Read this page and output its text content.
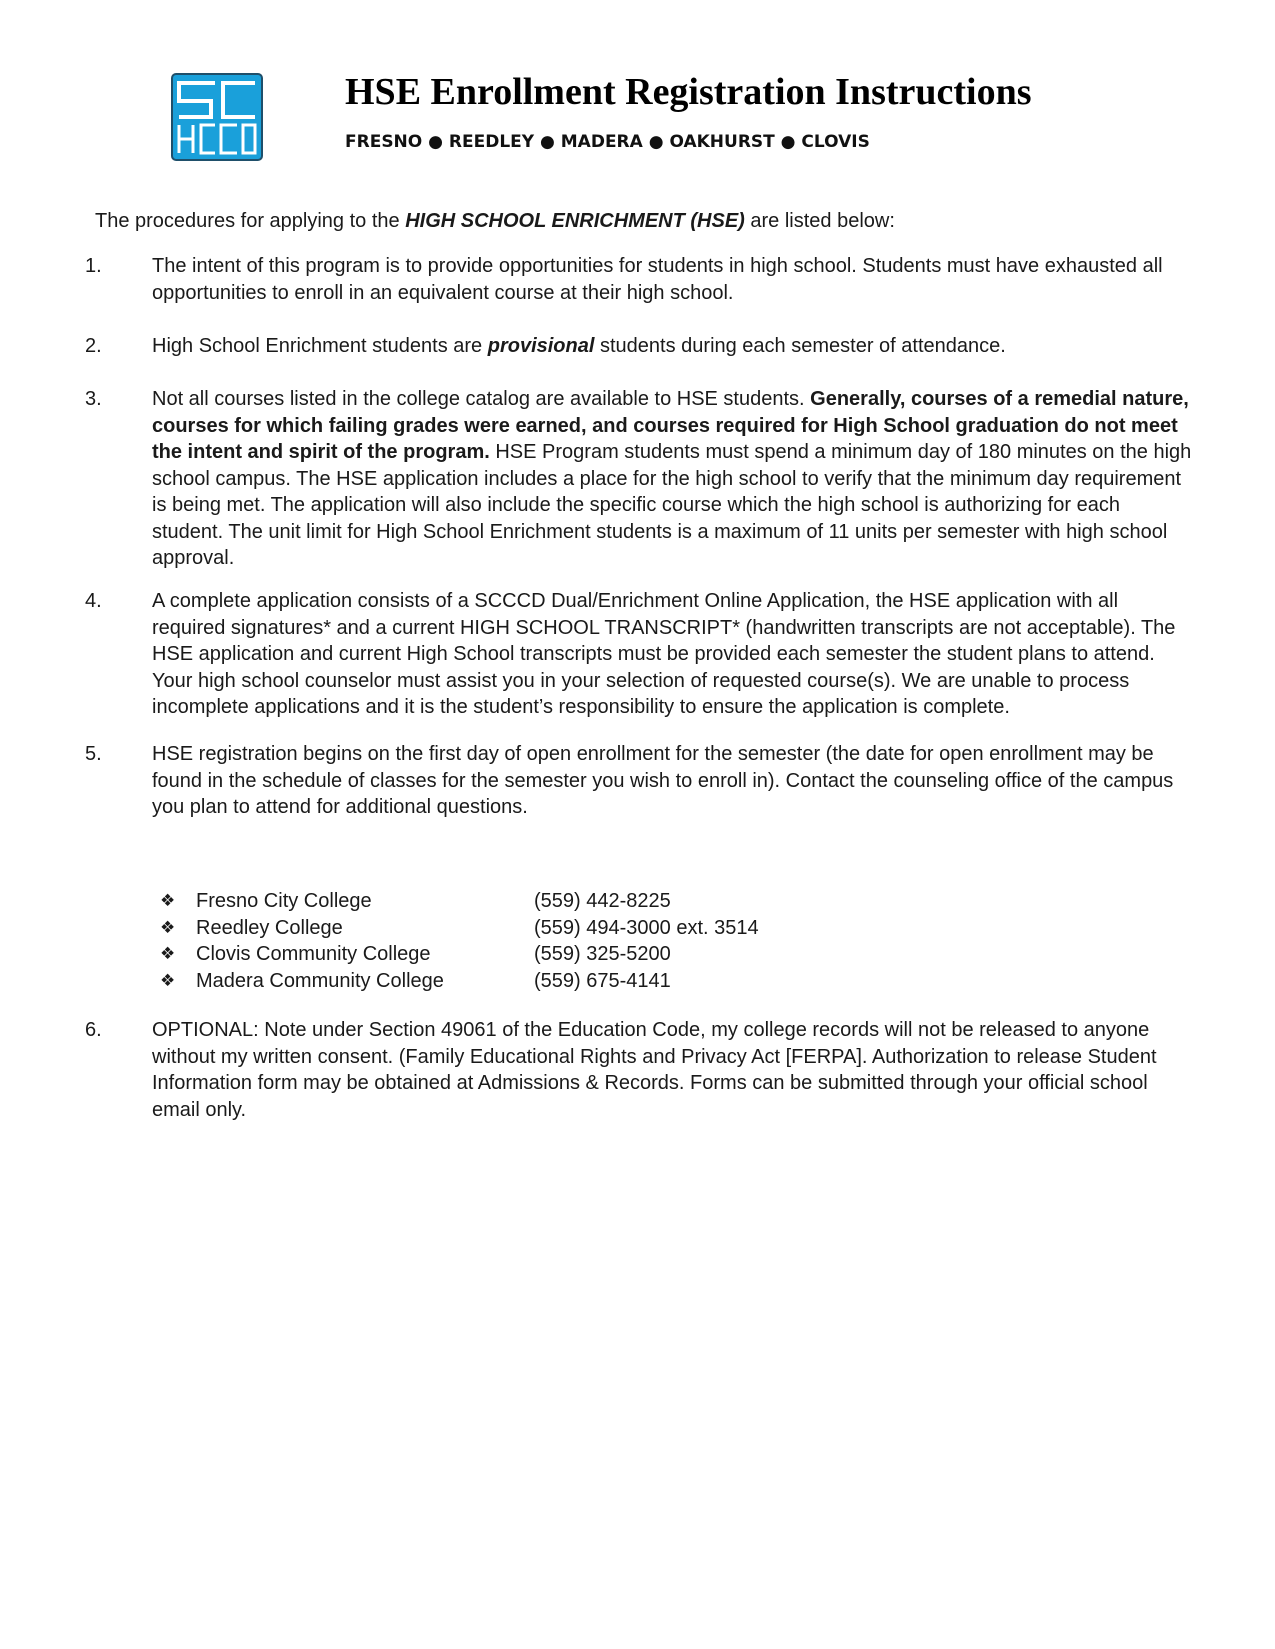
HSE Enrollment Registration Instructions
FRESNO ● REEDLEY ● MADERA ● OAKHURST ● CLOVIS
The procedures for applying to the HIGH SCHOOL ENRICHMENT (HSE) are listed below:
1.	The intent of this program is to provide opportunities for students in high school. Students must have exhausted all opportunities to enroll in an equivalent course at their high school.
2.	High School Enrichment students are provisional students during each semester of attendance.
3.	Not all courses listed in the college catalog are available to HSE students. Generally, courses of a remedial nature, courses for which failing grades were earned, and courses required for High School graduation do not meet the intent and spirit of the program. HSE Program students must spend a minimum day of 180 minutes on the high school campus. The HSE application includes a place for the high school to verify that the minimum day requirement is being met. The application will also include the specific course which the high school is authorizing for each student. The unit limit for High School Enrichment students is a maximum of 11 units per semester with high school approval.
4.	A complete application consists of a SCCCD Dual/Enrichment Online Application, the HSE application with all required signatures* and a current HIGH SCHOOL TRANSCRIPT* (handwritten transcripts are not acceptable). The HSE application and current High School transcripts must be provided each semester the student plans to attend. Your high school counselor must assist you in your selection of requested course(s). We are unable to process incomplete applications and it is the student’s responsibility to ensure the application is complete.
5.	HSE registration begins on the first day of open enrollment for the semester (the date for open enrollment may be found in the schedule of classes for the semester you wish to enroll in). Contact the counseling office of the campus you plan to attend for additional questions.
❖	Fresno City College	(559) 442-8225
❖	Reedley College	(559) 494-3000 ext. 3514
❖	Clovis Community College	(559) 325-5200
❖	Madera Community College	(559) 675-4141
6.	OPTIONAL: Note under Section 49061 of the Education Code, my college records will not be released to anyone without my written consent. (Family Educational Rights and Privacy Act [FERPA]. Authorization to release Student Information form may be obtained at Admissions & Records. Forms can be submitted through your official school email only.
